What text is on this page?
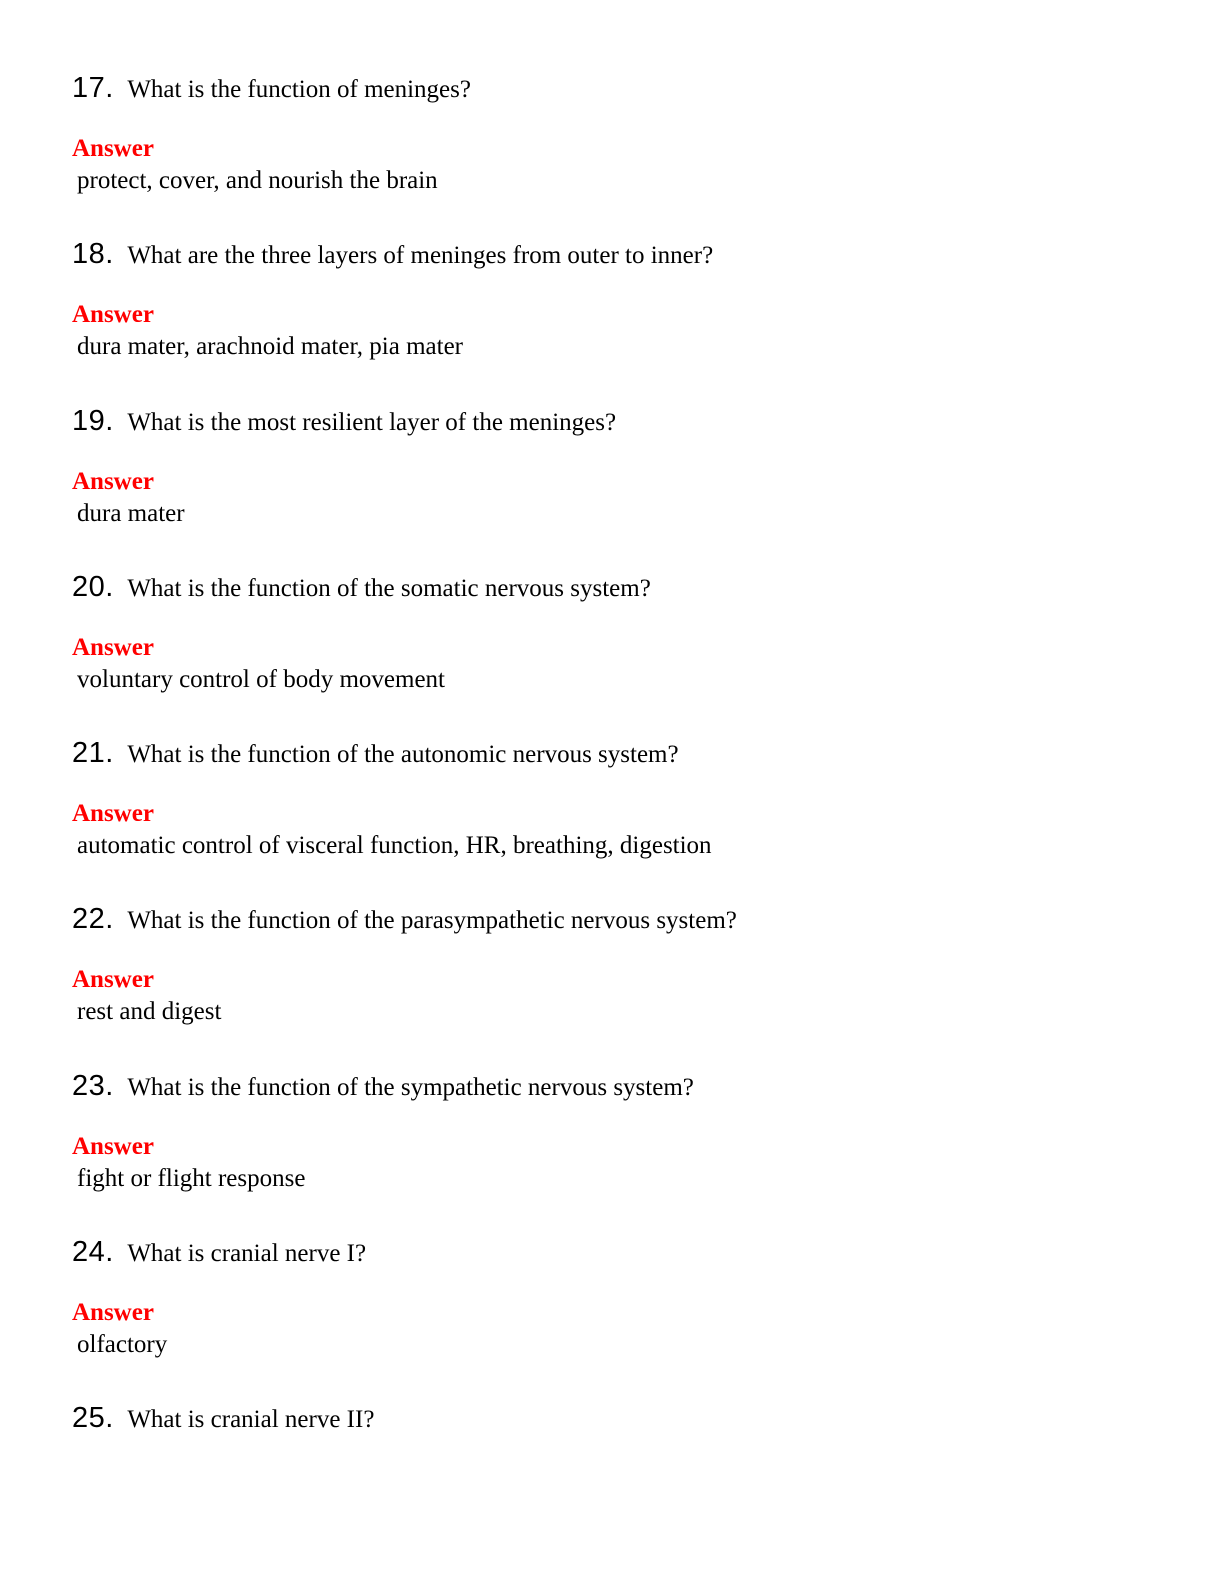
17 . What is the function of meninges?
Answer
protect, cover, and nourish the brain
18 . What are the three layers of meninges from outer to inner?
Answer
dura mater, arachnoid mater, pia mater
19 . What is the most resilient layer of the meninges?
Answer
dura mater
20 . What is the function of the somatic nervous system?
Answer
voluntary control of body movement
21 . What is the function of the autonomic nervous system?
Answer
automatic control of visceral function, HR, breathing, digestion
22 . What is the function of the parasympathetic nervous system?
Answer
rest and digest
23 . What is the function of the sympathetic nervous system?
Answer
fight or flight response
24 . What is cranial nerve I?
Answer
olfactory
25 . What is cranial nerve II?
